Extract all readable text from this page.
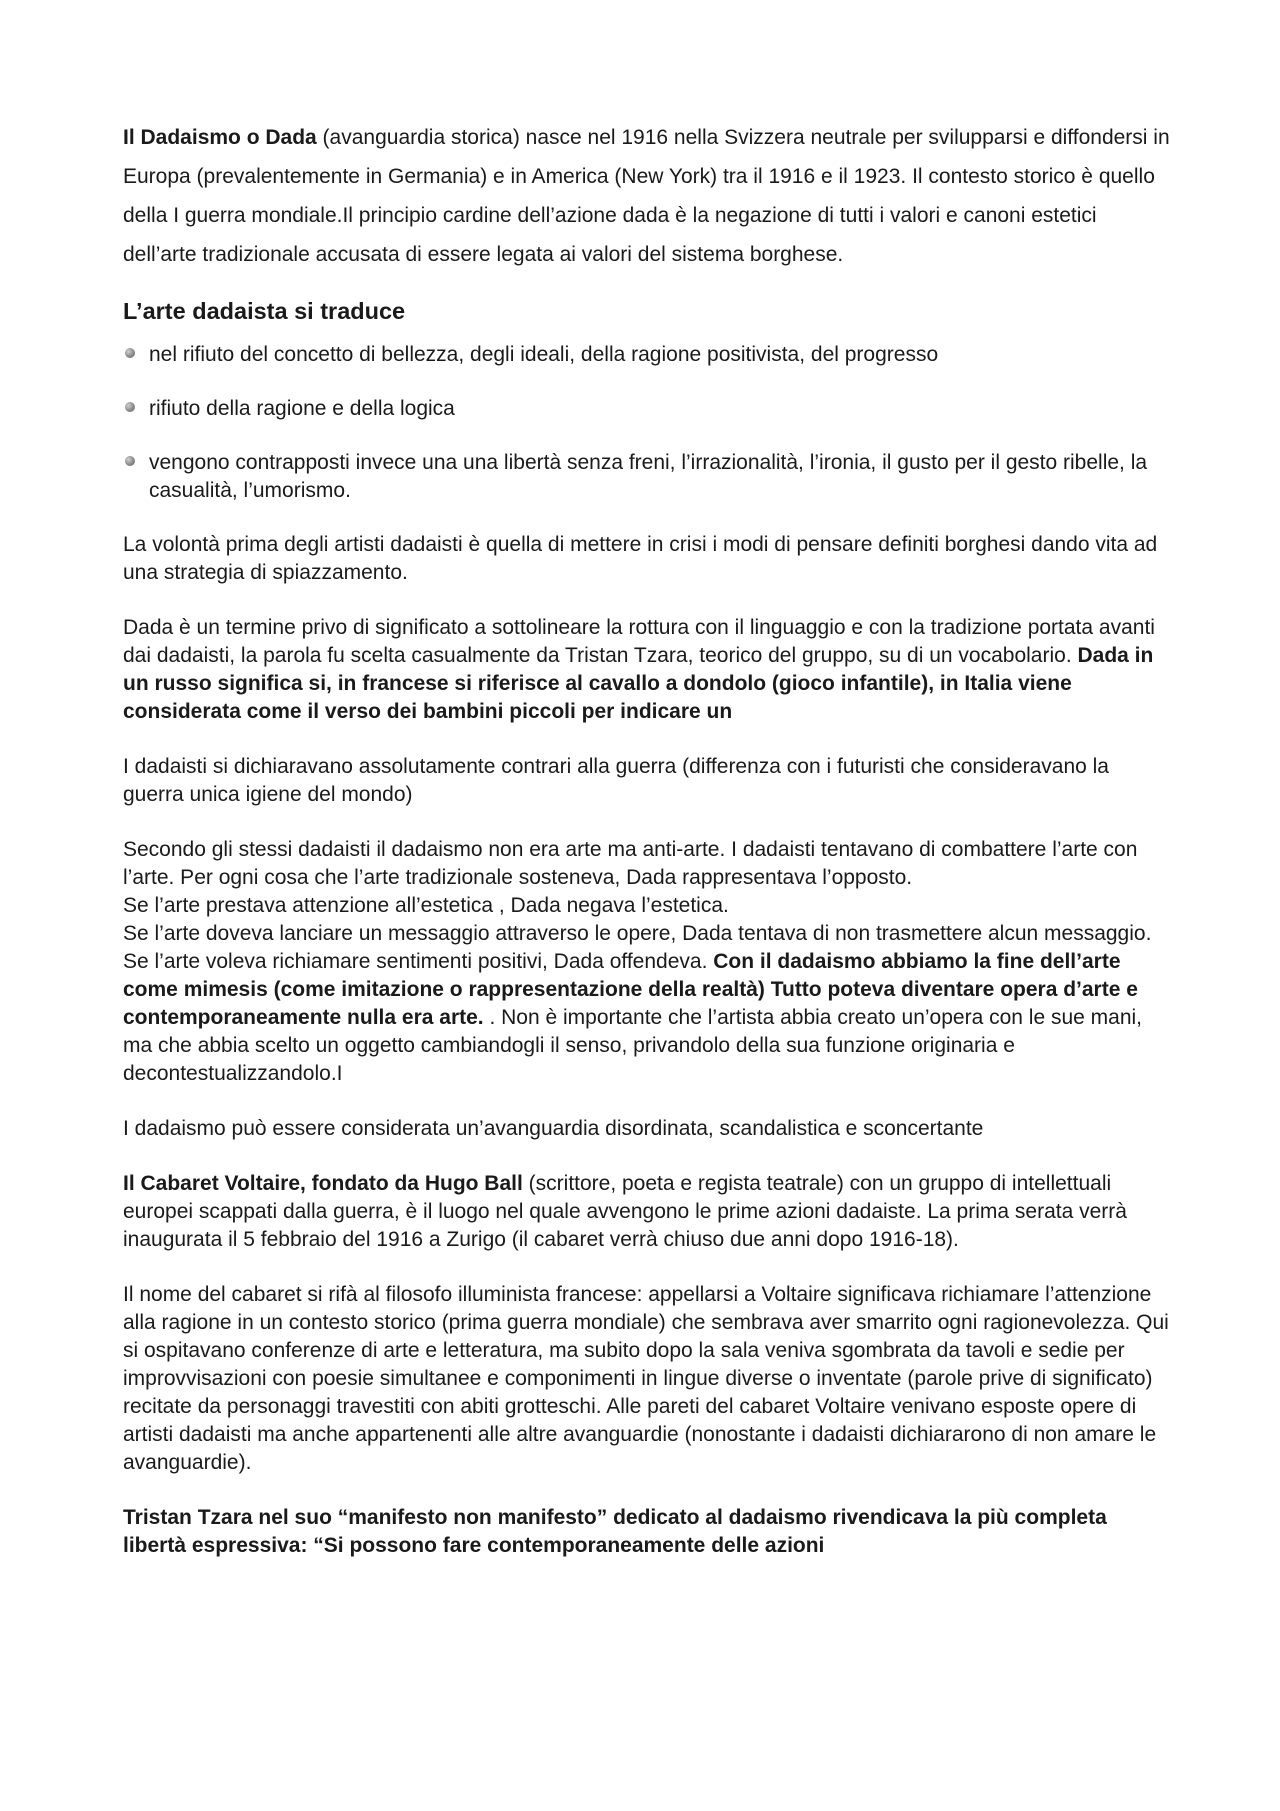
Il Dadaismo o Dada (avanguardia storica) nasce nel 1916 nella Svizzera neutrale per svilupparsi e diffondersi in Europa (prevalentemente in Germania) e in America (New York) tra il 1916 e il 1923. Il contesto storico è quello della I guerra mondiale.Il principio cardine dell’azione dada è la negazione di tutti i valori e canoni estetici dell’arte tradizionale accusata di essere legata ai valori del sistema borghese.

L’arte dadaista si traduce
nel rifiuto del concetto di bellezza, degli ideali, della ragione positivista, del progresso
rifiuto della ragione e della logica
vengono contrapposti invece una una libertà senza freni, l’irrazionalità, l’ironia, il gusto per il gesto ribelle, la casualità, l’umorismo.

La volontà prima degli artisti dadaisti è quella di mettere in crisi i modi di pensare definiti borghesi dando vita ad una strategia di spiazzamento.

Dada è un termine privo di significato a sottolineare la rottura con il linguaggio e con la tradizione portata avanti dai dadaisti, la parola fu scelta casualmente da Tristan Tzara, teorico del gruppo, su di un vocabolario. Dada in un russo significa si, in francese si riferisce al cavallo a dondolo (gioco infantile), in Italia viene considerata come il verso dei bambini piccoli per indicare un

I dadaisti si dichiaravano assolutamente contrari alla guerra (differenza con i futuristi che consideravano la guerra unica igiene del mondo)

Secondo gli stessi dadaisti il dadaismo non era arte ma anti-arte. I dadaisti tentavano di combattere l’arte con l’arte. Per ogni cosa che l’arte tradizionale sosteneva, Dada rappresentava l’opposto.
Se l’arte prestava attenzione all’estetica , Dada negava l’estetica.
Se l’arte doveva lanciare un messaggio attraverso le opere, Dada tentava di non trasmettere alcun messaggio. Se l’arte voleva richiamare sentimenti positivi, Dada offendeva. Con il dadaismo abbiamo la fine dell’arte come mimesis (come imitazione o rappresentazione della realtà) Tutto poteva diventare opera d’arte e contemporaneamente nulla era arte. . Non è importante che l’artista abbia creato un’opera con le sue mani, ma che abbia scelto un oggetto cambiandogli il senso, privandolo della sua funzione originaria e decontestualizzandolo.I

I dadaismo può essere considerata un’avanguardia disordinata, scandalistica e sconcertante

Il Cabaret Voltaire, fondato da Hugo Ball (scrittore, poeta e regista teatrale) con un gruppo di intellettuali europei scappati dalla guerra, è il luogo nel quale avvengono le prime azioni dadaiste. La prima serata verrà inaugurata il 5 febbraio del 1916 a Zurigo (il cabaret verrà chiuso due anni dopo 1916-18).

Il nome del cabaret si rifà al filosofo illuminista francese: appellarsi a Voltaire significava richiamare l’attenzione alla ragione in un contesto storico (prima guerra mondiale) che sembrava aver smarrito ogni ragionevolezza. Qui si ospitavano conferenze di arte e letteratura, ma subito dopo la sala veniva sgombrata da tavoli e sedie per improvvisazioni con poesie simultanee e componimenti in lingue diverse o inventate (parole prive di significato) recitate da personaggi travestiti con abiti grotteschi. Alle pareti del cabaret Voltaire venivano esposte opere di artisti dadaisti ma anche appartenenti alle altre avanguardie (nonostante i dadaisti dichiararono di non amare le avanguardie).

Tristan Tzara nel suo “manifesto non manifesto” dedicato al dadaismo rivendicava la più completa libertà espressiva: “Si possono fare contemporaneamente delle azioni
